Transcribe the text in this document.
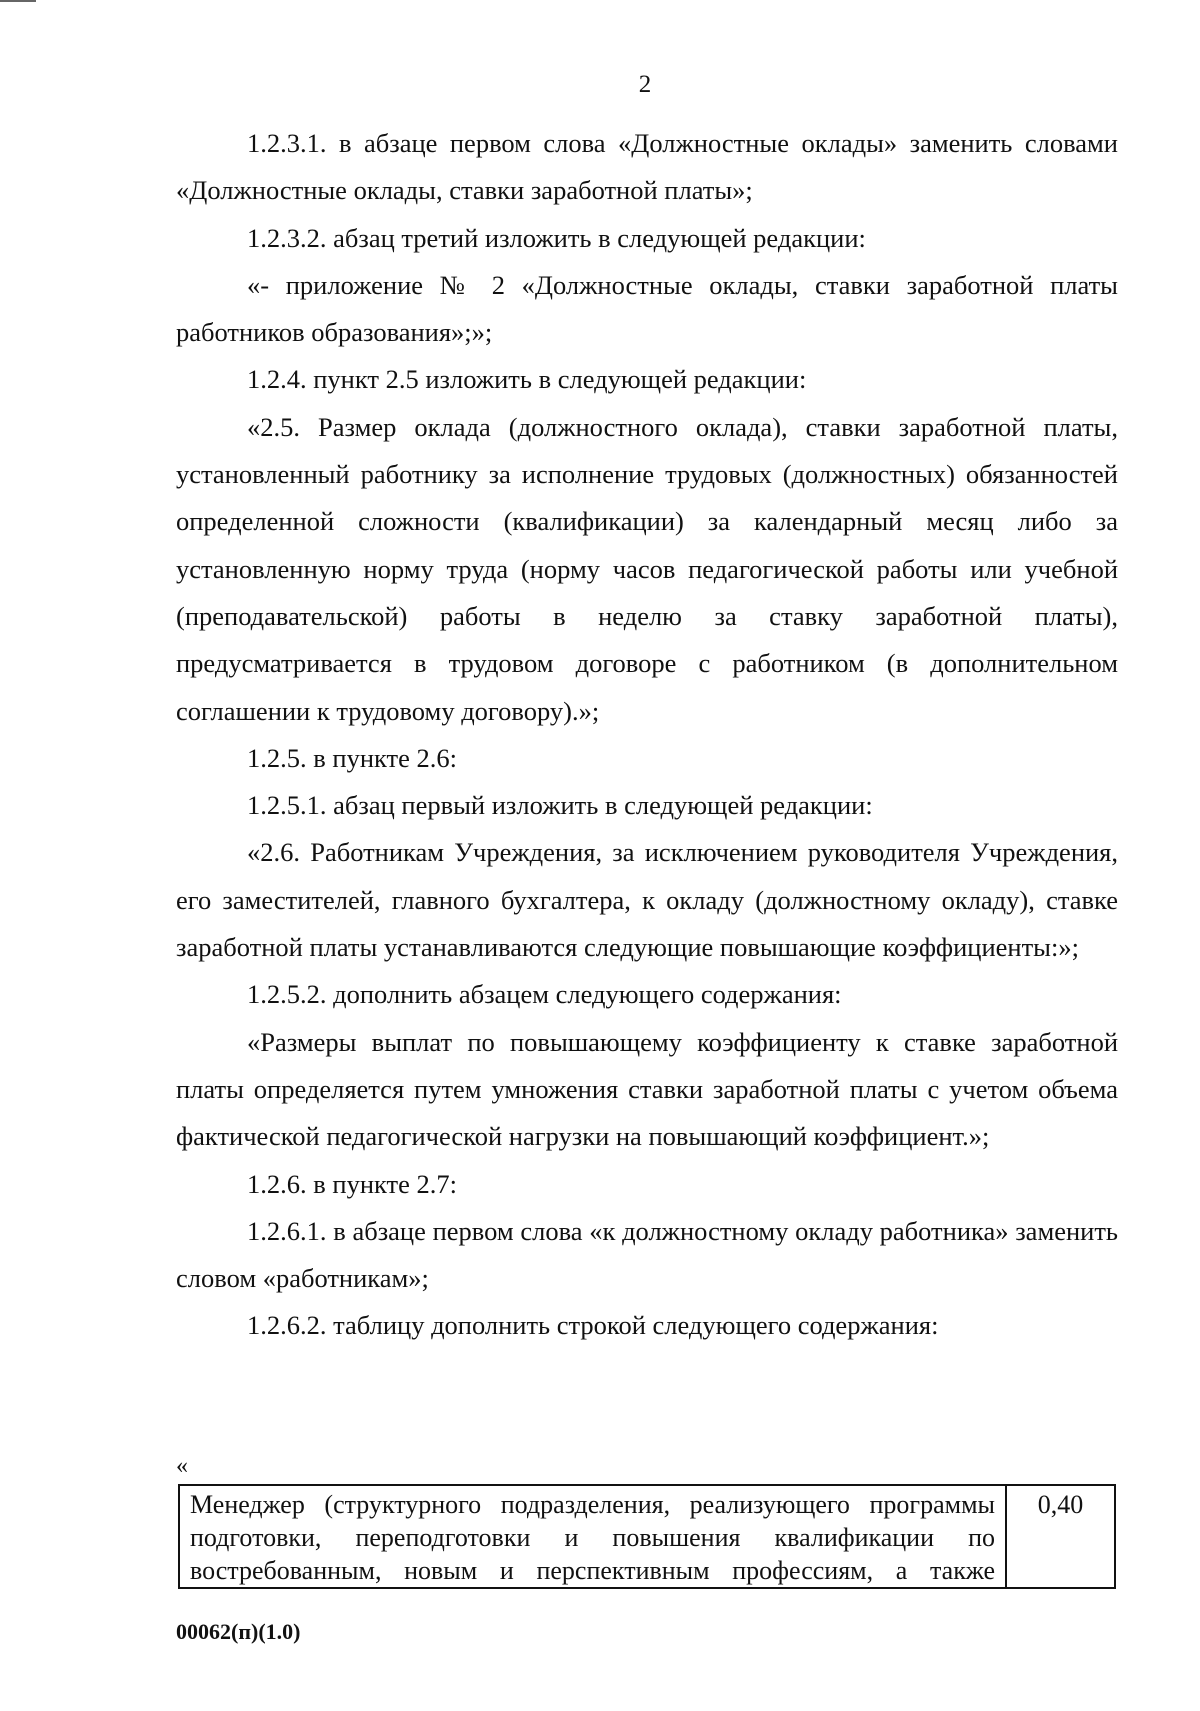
2

1.2.3.1. в абзаце первом слова «Должностные оклады» заменить словами «Должностные оклады, ставки заработной платы»;

1.2.3.2. абзац третий изложить в следующей редакции:

«- приложение № 2 «Должностные оклады, ставки заработной платы работников образования»;»;

1.2.4. пункт 2.5 изложить в следующей редакции:

«2.5. Размер оклада (должностного оклада), ставки заработной платы, установленный работнику за исполнение трудовых (должностных) обязанностей определенной сложности (квалификации) за календарный месяц либо за установленную норму труда (норму часов педагогической работы или учебной (преподавательской) работы в неделю за ставку заработной платы), предусматривается в трудовом договоре с работником (в дополнительном соглашении к трудовому договору).»;

1.2.5. в пункте 2.6:

1.2.5.1. абзац первый изложить в следующей редакции:

«2.6. Работникам Учреждения, за исключением руководителя Учреждения, его заместителей, главного бухгалтера, к окладу (должностному окладу), ставке заработной платы устанавливаются следующие повышающие коэффициенты:»;

1.2.5.2. дополнить абзацем следующего содержания:

«Размеры выплат по повышающему коэффициенту к ставке заработной платы определяется путем умножения ставки заработной платы с учетом объема фактической педагогической нагрузки на повышающий коэффициент.»;

1.2.6. в пункте 2.7:

1.2.6.1. в абзаце первом слова «к должностному окладу работника» заменить словом «работникам»;

1.2.6.2. таблицу дополнить строкой следующего содержания:

«
Менеджер (структурного подразделения, реализующего программы подготовки, переподготовки и повышения квалификации по востребованным, новым и перспективным профессиям, а также	0,40
00062(п)(1.0)
